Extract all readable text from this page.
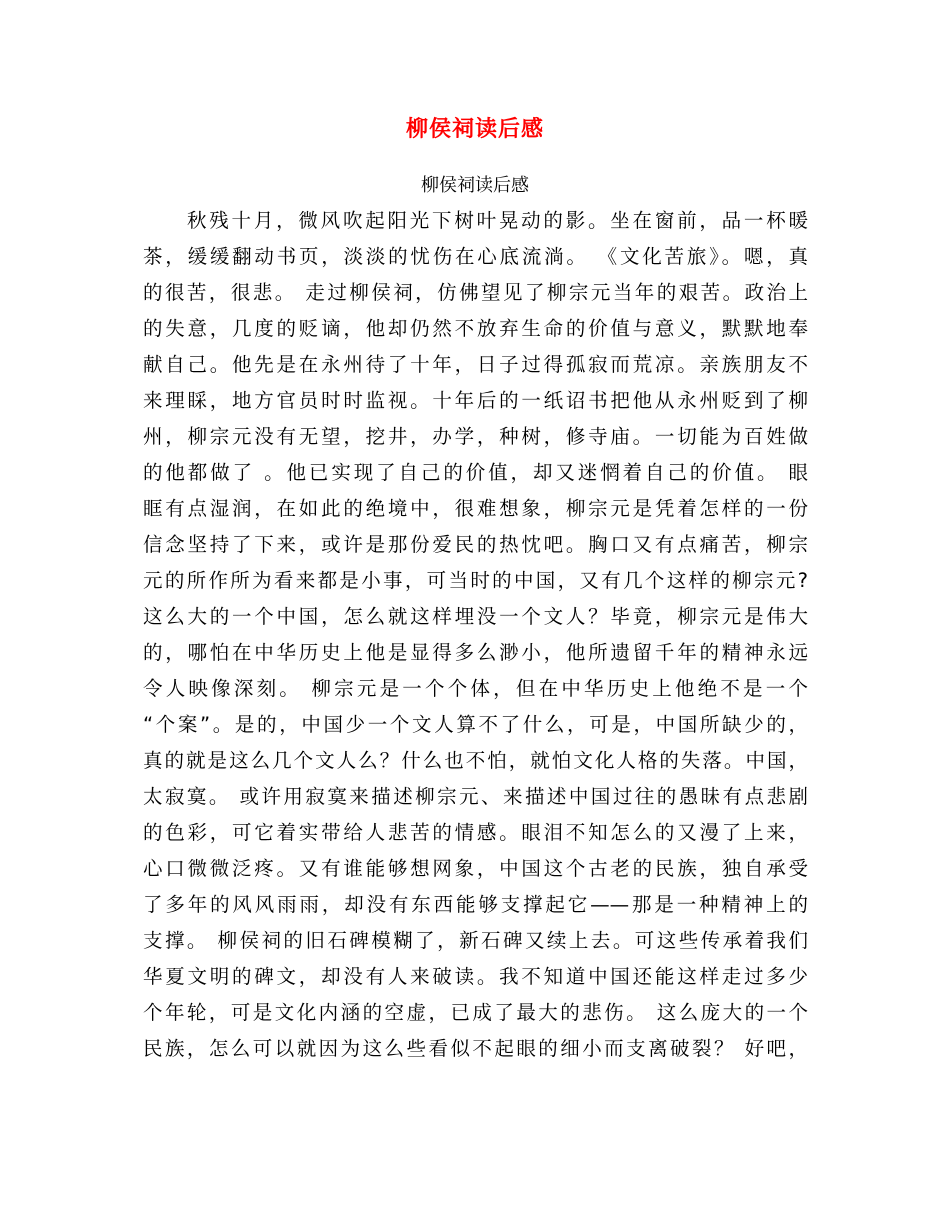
柳侯祠读后感
柳侯祠读后感
秋残十月，微风吹起阳光下树叶晃动的影。坐在窗前，品一杯暖
茶，缓缓翻动书页，淡淡的忧伤在心底流淌。 《文化苦旅》。嗯，真
的很苦，很悲。 走过柳侯祠，仿佛望见了柳宗元当年的艰苦。政治上
的失意，几度的贬谪，他却仍然不放弃生命的价值与意义，默默地奉
献自己。他先是在永州待了十年，日子过得孤寂而荒凉。亲族朋友不
来理睬，地方官员时时监视。十年后的一纸诏书把他从永州贬到了柳
州，柳宗元没有无望，挖井，办学，种树，修寺庙。一切能为百姓做
的他都做了 。他已实现了自己的价值，却又迷惘着自己的价值。 眼
眶有点湿润，在如此的绝境中，很难想象，柳宗元是凭着怎样的一份
信念坚持了下来，或许是那份爱民的热忱吧。胸口又有点痛苦，柳宗
元的所作所为看来都是小事，可当时的中国，又有几个这样的柳宗元?
这么大的一个中国，怎么就这样埋没一个文人？毕竟，柳宗元是伟大
的，哪怕在中华历史上他是显得多么渺小，他所遗留千年的精神永远
令人映像深刻。 柳宗元是一个个体，但在中华历史上他绝不是一个
“个案”。是的，中国少一个文人算不了什么，可是，中国所缺少的，
真的就是这么几个文人么？什么也不怕，就怕文化人格的失落。中国，
太寂寞。 或许用寂寞来描述柳宗元、来描述中国过往的愚昧有点悲剧
的色彩，可它着实带给人悲苦的情感。眼泪不知怎么的又漫了上来，
心口微微泛疼。又有谁能够想网象，中国这个古老的民族，独自承受
了多年的风风雨雨，却没有东西能够支撑起它——那是一种精神上的
支撑。 柳侯祠的旧石碑模糊了，新石碑又续上去。可这些传承着我们
华夏文明的碑文，却没有人来破读。我不知道中国还能这样走过多少
个年轮，可是文化内涵的空虚，已成了最大的悲伤。 这么庞大的一个
民族，怎么可以就因为这么些看似不起眼的细小而支离破裂？ 好吧，
